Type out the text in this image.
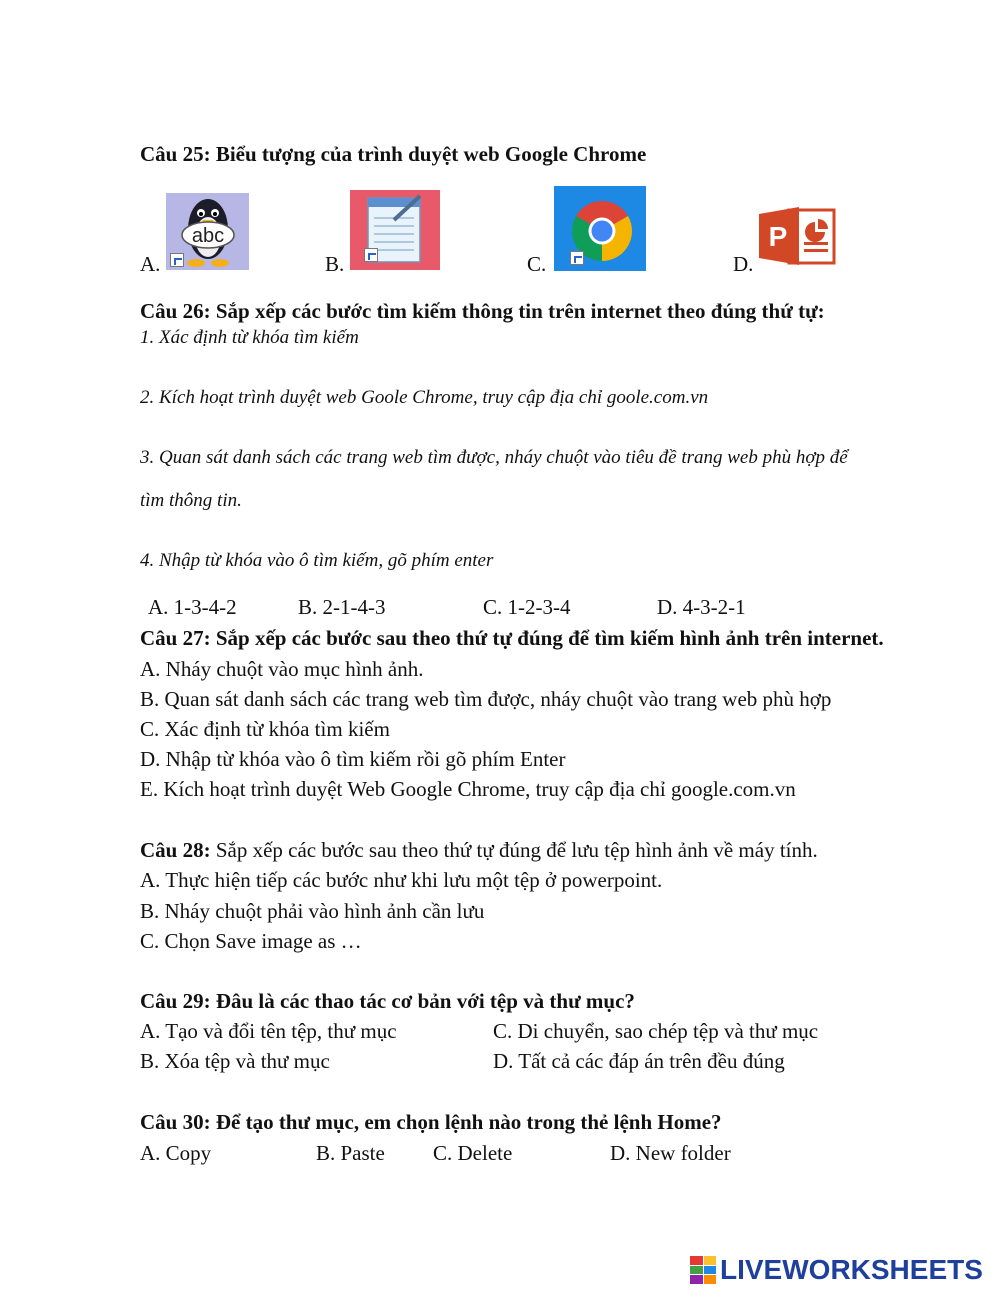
Câu 25: Biểu tượng của trình duyệt web Google Chrome
A.
abc
B.	C.	D.
P
Câu 26: Sắp xếp các bước tìm kiếm thông tin trên internet theo đúng thứ tự:
1. Xác định từ khóa tìm kiếm
2. Kích hoạt trình duyệt web Goole Chrome, truy cập địa chỉ goole.com.vn
3. Quan sát danh sách các trang web tìm được, nháy chuột vào tiêu đề trang web phù hợp để
tìm thông tin.
4. Nhập từ khóa vào ô tìm kiếm, gõ phím enter
A. 1-3-4-2	B. 2-1-4-3	C. 1-2-3-4	D. 4-3-2-1
Câu 27: Sắp xếp các bước sau theo thứ tự đúng để tìm kiếm hình ảnh trên internet.
A. Nháy chuột vào mục hình ảnh.
B. Quan sát danh sách các trang web tìm được, nháy chuột vào trang web phù hợp
C. Xác định từ khóa tìm kiếm
D. Nhập từ khóa vào ô tìm kiếm rồi gõ phím Enter
E. Kích hoạt trình duyệt Web Google Chrome, truy cập địa chỉ google.com.vn
Câu 28: Sắp xếp các bước sau theo thứ tự đúng để lưu tệp hình ảnh về máy tính.
A. Thực hiện tiếp các bước như khi lưu một tệp ở powerpoint.
B. Nháy chuột phải vào hình ảnh cần lưu
C. Chọn Save image as …
Câu 29: Đâu là các thao tác cơ bản với tệp và thư mục?
A. Tạo và đổi tên tệp, thư mục	C. Di chuyển, sao chép tệp và thư mục
B. Xóa tệp và thư mục	D. Tất cả các đáp án trên đều đúng
Câu 30: Để tạo thư mục, em chọn lệnh nào trong thẻ lệnh Home?
A. Copy	B. Paste C. Delete	D. New folder
LIVEWORKSHEETS
